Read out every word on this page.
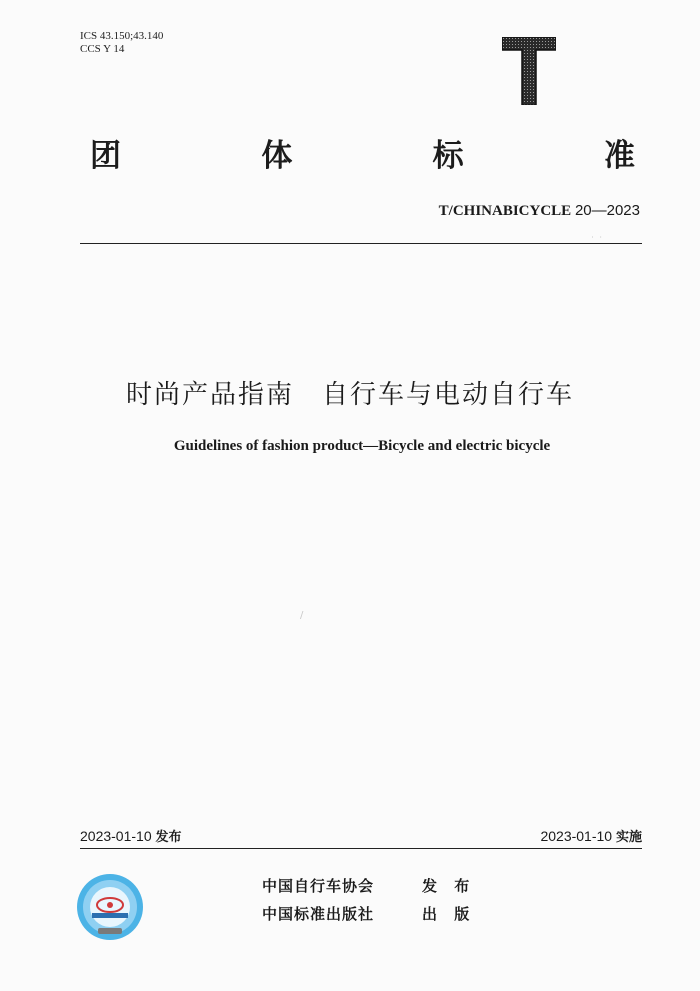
ICS 43.150;43.140
CCS Y 14
团	体	标	准
T/CHINABICYCLE 20—2023
时尚产品指南　自行车与电动自行车
Guidelines of fashion product—Bicycle and electric bicycle
˙ ˙
/
2023-01-10 发布	2023-01-10 实施
中国自行车协会	发 布
中国标准出版社	出 版
